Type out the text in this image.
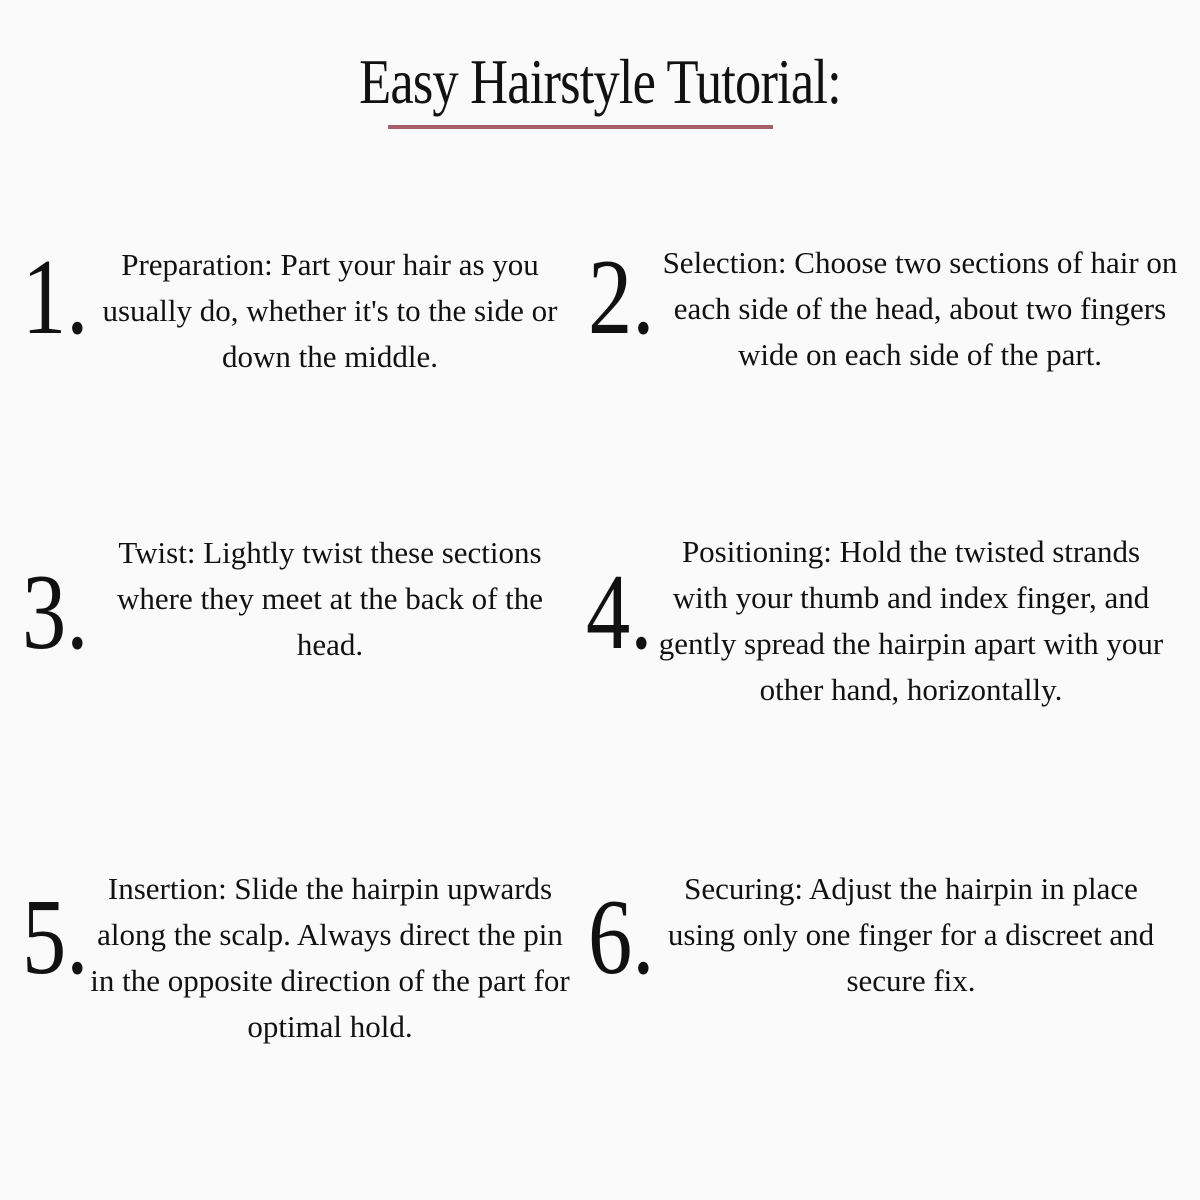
Easy Hairstyle Tutorial:
1.	Preparation: Part your hair as you usually do, whether it's to the side or down the middle.	2. Selection: Choose two sections of hair on each side of the head, about two fingers wide on each side of the part.
3.
Twist: Lightly twist these sections where they meet at the back of the head.	4.
Positioning: Hold the twisted strands with your thumb and index finger, and gently spread the hairpin apart with your other hand, horizontally.
5. Insertion: Slide the hairpin upwards along the scalp. Always direct the pin in the opposite direction of the part for optimal hold.
6. Securing: Adjust the hairpin in place using only one finger for a discreet and secure fix.
